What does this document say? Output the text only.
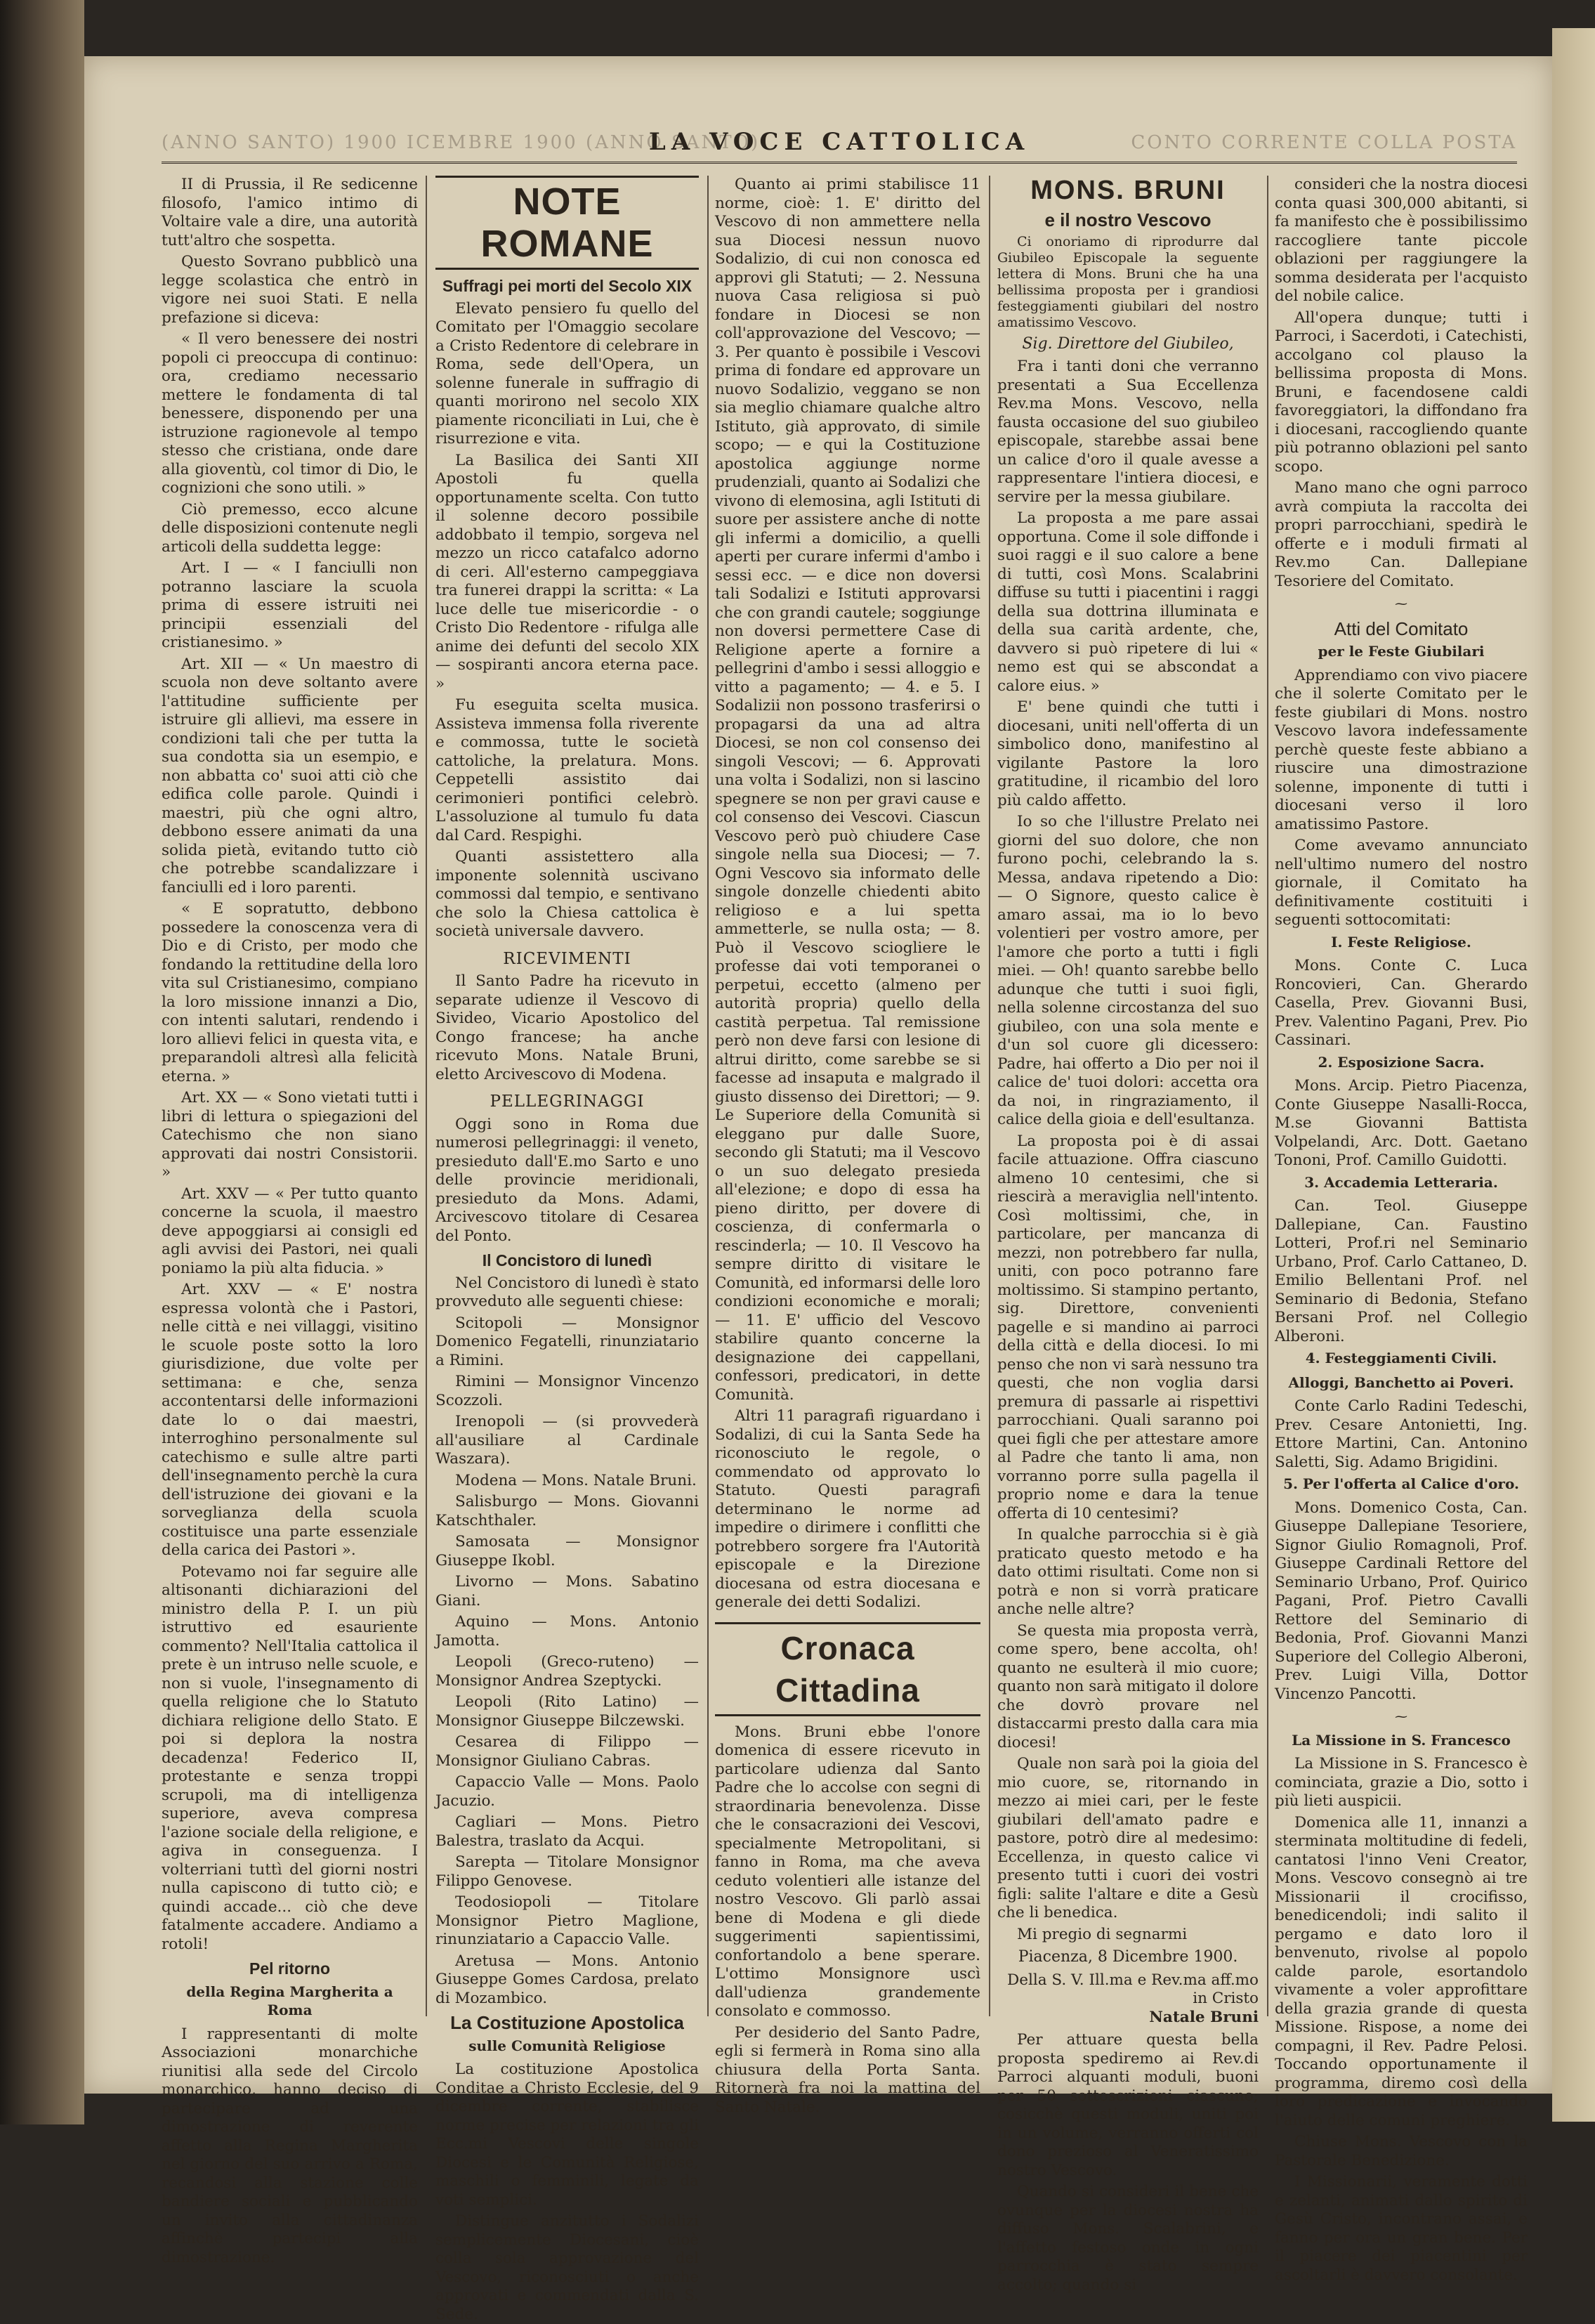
(ANNO SANTO) 1900 ICEMBRE 1900 (ANNO SANTO)
LA VOCE CATTOLICA	CONTO CORRENTE COLLA POSTA

II di Prussia, il Re sedicenne filosofo, l'amico intimo di Voltaire vale a dire, una autorità tutt'altro che sospetta.

Questo Sovrano pubblicò una legge scolastica che entrò in vigore nei suoi Stati. E nella prefazione si diceva:

« Il vero benessere dei nostri popoli ci preoccupa di continuo: ora, crediamo necessario mettere le fondamenta di tal benessere, disponendo per una istruzione ragionevole al tempo stesso che cristiana, onde dare alla gioventù, col timor di Dio, le cognizioni che sono utili. »

Ciò premesso, ecco alcune delle disposizioni contenute negli articoli della suddetta legge:

Art. I — « I fanciulli non potranno lasciare la scuola prima di essere istruiti nei principii essenziali del cristianesimo. »

Art. XII — « Un maestro di scuola non deve soltanto avere l'attitudine sufficiente per istruire gli allievi, ma essere in condizioni tali che per tutta la sua condotta sia un esempio, e non abbatta co' suoi atti ciò che edifica colle parole. Quindi i maestri, più che ogni altro, debbono essere animati da una solida pietà, evitando tutto ciò che potrebbe scandalizzare i fanciulli ed i loro parenti.

« E sopratutto, debbono possedere la conoscenza vera di Dio e di Cristo, per modo che fondando la rettitudine della loro vita sul Cristianesimo, compiano la loro missione innanzi a Dio, con intenti salutari, rendendo i loro allievi felici in questa vita, e preparandoli altresì alla felicità eterna. »

Art. XX — « Sono vietati tutti i libri di lettura o spiegazioni del Catechismo che non siano approvati dai nostri Consistorii. »

Art. XXV — « Per tutto quanto concerne la scuola, il maestro deve appoggiarsi ai consigli ed agli avvisi dei Pastori, nei quali poniamo la più alta fiducia. »

Art. XXV — « E' nostra espressa volontà che i Pastori, nelle città e nei villaggi, visitino le scuole poste sotto la loro giurisdizione, due volte per settimana: e che, senza accontentarsi delle informazioni date lo o dai maestri, interroghino personalmente sul catechismo e sulle altre parti dell'insegnamento perchè la cura dell'istruzione dei giovani e la sorveglianza della scuola costituisce una parte essenziale della carica dei Pastori ».

Potevamo noi far seguire alle altisonanti dichiarazioni del ministro della P. I. un più istruttivo ed esauriente commento? Nell'Italia cattolica il prete è un intruso nelle scuole, e non si vuole, l'insegnamento di quella religione che lo Statuto dichiara religione dello Stato. E poi si deplora la nostra decadenza! Federico II, protestante e senza troppi scrupoli, ma di intelligenza superiore, aveva compresa l'azione sociale della religione, e agiva in conseguenza. I volterriani tuttì del giorni nostri nulla capiscono di tutto ciò; e quindi accade... ciò che deve fatalmente accadere. Andiamo a rotoli!

Pel ritorno
della Regina Margherita a Roma

I rappresentanti di molte Associazioni monarchiche riunitisi alla sede del Circolo monarchico, hanno deciso di partecipare ad una dimostrazione di reverente affetto alla Regina Margherita nel giorno del suo arrivo a Roma, recandosi alla stazione colle bandiere sociali e pubblicando un invito alla cittadinanza affinchè partecipi alla dimostrazione.

NOTE ROMANE
Suffragi pei morti del Secolo XIX

Elevato pensiero fu quello del Comitato per l'Omaggio secolare a Cristo Redentore di celebrare in Roma, sede dell'Opera, un solenne funerale in suffragio di quanti morirono nel secolo XIX piamente riconciliati in Lui, che è risurrezione e vita.

La Basilica dei Santi XII Apostoli fu quella opportunamente scelta. Con tutto il solenne decoro possibile addobbato il tempio, sorgeva nel mezzo un ricco catafalco adorno di ceri. All'esterno campeggiava tra funerei drappi la scritta: « La luce delle tue misericordie - o Cristo Dio Redentore - rifulga alle anime dei defunti del secolo XIX — sospiranti ancora eterna pace. »

Fu eseguita scelta musica. Assisteva immensa folla riverente e commossa, tutte le società cattoliche, la prelatura. Mons. Ceppetelli assistito dai cerimonieri pontifici celebrò. L'assoluzione al tumulo fu data dal Card. Respighi.

Quanti assistettero alla imponente solennità uscivano commossi dal tempio, e sentivano che solo la Chiesa cattolica è società universale davvero.

RICEVIMENTI

Il Santo Padre ha ricevuto in separate udienze il Vescovo di Sivideo, Vicario Apostolico del Congo francese; ha anche ricevuto Mons. Natale Bruni, eletto Arcivescovo di Modena.

PELLEGRINAGGI

Oggi sono in Roma due numerosi pellegrinaggi: il veneto, presieduto dall'E.mo Sarto e uno delle provincie meridionali, presieduto da Mons. Adami, Arcivescovo titolare di Cesarea del Ponto.

Il Concistoro di lunedì

Nel Concistoro di lunedì è stato provveduto alle seguenti chiese:

Scitopoli — Monsignor Domenico Fegatelli, rinunziatario a Rimini.

Rimini — Monsignor Vincenzo Scozzoli.

Irenopoli — (si provvederà all'ausiliare al Cardinale Waszara).

Modena — Mons. Natale Bruni.

Salisburgo — Mons. Giovanni Katschthaler.

Samosata — Monsignor Giuseppe Ikobl.

Livorno — Mons. Sabatino Giani.

Aquino — Mons. Antonio Jamotta.

Leopoli (Greco-ruteno) — Monsignor Andrea Szeptycki.

Leopoli (Rito Latino) — Monsignor Giuseppe Bilczewski.

Cesarea di Filippo — Monsignor Giuliano Cabras.

Capaccio Valle — Mons. Paolo Jacuzio.

Cagliari — Mons. Pietro Balestra, traslato da Acqui.

Sarepta — Titolare Monsignor Filippo Genovese.

Teodosiopoli — Titolare Monsignor Pietro Maglione, rinunziatario a Capaccio Valle.

Aretusa — Mons. Antonio Giuseppe Gomes Cardosa, prelato di Mozambico.

La Costituzione Apostolica
sulle Comunità Religiose

La costituzione Apostolica Conditae a Christo Ecclesie, del 9 dicembre corrente, stabilisce norme precise per relazioni tra gli Ecc.mi Vescovi delle singole Diocesi e le Comunità Religiose, maschili o femminili, legate da voti semplici.

Distingue anzitutto i Sodalizi semplicemente Diocesani, cioè colla sola approvazione del Vescovo, riconosciuti o anche approvati e commendati dalla S. Sede.

Quanto ai primi stabilisce 11 norme, cioè: 1. E' diritto del Vescovo di non ammettere nella sua Diocesi nessun nuovo Sodalizio, di cui non conosca ed approvi gli Statuti; — 2. Nessuna nuova Casa religiosa si può fondare in Diocesi se non coll'approvazione del Vescovo; — 3. Per quanto è possibile i Vescovi prima di fondare ed approvare un nuovo Sodalizio, veggano se non sia meglio chiamare qualche altro Istituto, già approvato, di simile scopo; — e qui la Costituzione apostolica aggiunge norme prudenziali, quanto ai Sodalizi che vivono di elemosina, agli Istituti di suore per assistere anche di notte gli infermi a domicilio, a quelli aperti per curare infermi d'ambo i sessi ecc. — e dice non doversi tali Sodalizi e Istituti approvarsi che con grandi cautele; soggiunge non doversi permettere Case di Religione aperte a fornire a pellegrini d'ambo i sessi alloggio e vitto a pagamento; — 4. e 5. I Sodalizii non possono trasferirsi o propagarsi da una ad altra Diocesi, se non col consenso dei singoli Vescovi; — 6. Approvati una volta i Sodalizi, non si lascino spegnere se non per gravi cause e col consenso dei Vescovi. Ciascun Vescovo però può chiudere Case singole nella sua Diocesi; — 7. Ogni Vescovo sia informato delle singole donzelle chiedenti abito religioso e a lui spetta ammetterle, se nulla osta; — 8. Può il Vescovo sciogliere le professe dai voti temporanei o perpetui, eccetto (almeno per autorità propria) quello della castità perpetua. Tal remissione però non deve farsi con lesione di altrui diritto, come sarebbe se si facesse ad insaputa e malgrado il giusto dissenso dei Direttori; — 9. Le Superiore della Comunità si eleggano pur dalle Suore, secondo gli Statuti; ma il Vescovo o un suo delegato presieda all'elezione; e dopo di essa ha pieno diritto, per dovere di coscienza, di confermarla o rescinderla; — 10. Il Vescovo ha sempre diritto di visitare le Comunità, ed informarsi delle loro condizioni economiche e morali; — 11. E' ufficio del Vescovo stabilire quanto concerne la designazione dei cappellani, confessori, predicatori, in dette Comunità.

Altri 11 paragrafi riguardano i Sodalizi, di cui la Santa Sede ha riconosciuto le regole, o commendato od approvato lo Statuto. Questi paragrafi determinano le norme ad impedire o dirimere i conflitti che potrebbero sorgere fra l'Autorità episcopale e la Direzione diocesana od estra diocesana e generale dei detti Sodalizi.

Cronaca Cittadina

Mons. Bruni ebbe l'onore domenica di essere ricevuto in particolare udienza dal Santo Padre che lo accolse con segni di straordinaria benevolenza. Disse che le consacrazioni dei Vescovi, specialmente Metropolitani, si fanno in Roma, ma che aveva ceduto volentieri alle istanze del nostro Vescovo. Gli parlò assai bene di Modena e gli diede suggerimenti sapientissimi, confortandolo a bene sperare. L'ottimo Monsignore uscì dall'udienza grandemente consolato e commosso.

Per desiderio del Santo Padre, egli si fermerà in Roma sino alla chiusura della Porta Santa. Ritornerà fra noi la mattina del Santo Natale.

MONS. BRUNI
e il nostro Vescovo

Ci onoriamo di riprodurre dal Giubileo Episcopale la seguente lettera di Mons. Bruni che ha una bellissima proposta per i grandiosi festeggiamenti giubilari del nostro amatissimo Vescovo.

Sig. Direttore del Giubileo,

Fra i tanti doni che verranno presentati a Sua Eccellenza Rev.ma Mons. Vescovo, nella fausta occasione del suo giubileo episcopale, starebbe assai bene un calice d'oro il quale avesse a rappresentare l'intiera diocesi, e servire per la messa giubilare.

La proposta a me pare assai opportuna. Come il sole diffonde i suoi raggi e il suo calore a bene di tutti, così Mons. Scalabrini diffuse su tutti i piacentini i raggi della sua dottrina illuminata e della sua carità ardente, che, davvero si può ripetere di lui « nemo est qui se abscondat a calore eius. »

E' bene quindi che tutti i diocesani, uniti nell'offerta di un simbolico dono, manifestino al vigilante Pastore la loro gratitudine, il ricambio del loro più caldo affetto.

Io so che l'illustre Prelato nei giorni del suo dolore, che non furono pochi, celebrando la s. Messa, andava ripetendo a Dio: — O Signore, questo calice è amaro assai, ma io lo bevo volentieri per vostro amore, per l'amore che porto a tutti i figli miei. — Oh! quanto sarebbe bello adunque che tutti i suoi figli, nella solenne circostanza del suo giubileo, con una sola mente e d'un sol cuore gli dicessero: Padre, hai offerto a Dio per noi il calice de' tuoi dolori: accetta ora da noi, in ringraziamento, il calice della gioia e dell'esultanza.

La proposta poi è di assai facile attuazione. Offra ciascuno almeno 10 centesimi, che si riescirà a meraviglia nell'intento. Così moltissimi, che, in particolare, per mancanza di mezzi, non potrebbero far nulla, uniti, con poco potranno fare moltissimo. Si stampino pertanto, sig. Direttore, convenienti pagelle e si mandino ai parroci della città e della diocesi. Io mi penso che non vi sarà nessuno tra questi, che non voglia darsi premura di passarle ai rispettivi parrocchiani. Quali saranno poi quei figli che per attestare amore al Padre che tanto li ama, non vorranno porre sulla pagella il proprio nome e dara la tenue offerta di 10 centesimi?

In qualche parrocchia si è già praticato questo metodo e ha dato ottimi risultati. Come non si potrà e non si vorrà praticare anche nelle altre?

Se questa mia proposta verrà, come spero, bene accolta, oh! quanto ne esulterà il mio cuore; quanto non sarà mitigato il dolore che dovrò provare nel distaccarmi presto dalla cara mia diocesi!

Quale non sarà poi la gioia del mio cuore, se, ritornando in mezzo ai miei cari, per le feste giubilari dell'amato padre e pastore, potrò dire al medesimo: Eccellenza, in questo calice vi presento tutti i cuori dei vostri figli: salite l'altare e dite a Gesù che li benedica.

Mi pregio di segnarmi

Piacenza, 8 Dicembre 1900.
Della S. V. Ill.ma e Rev.ma aff.mo in Cristo
Natale Bruni

Per attuare questa bella proposta spediremo ai Rev.di Parroci alquanti moduli, buoni per 50 sottoscrizioni ciascuno; cosicchè questi moduli, uniti poi in un volume, verranno offerti col dono prezioso al Veneratissimo nostro Vescovo.

Quando si consideri il bene che ovunque per la diocesi nostra ha diffuso Mons. Scalabrini, e l'affetto festoso onde in ogni parrocchia è stato sempre accolto; quando si

consideri che la nostra diocesi conta quasi 300,000 abitanti, si fa manifesto che è possibilissimo raccogliere tante piccole oblazioni per raggiungere la somma desiderata per l'acquisto del nobile calice.

All'opera dunque; tutti i Parroci, i Sacerdoti, i Catechisti, accolgano col plauso la bellissima proposta di Mons. Bruni, e facendosene caldi favoreggiatori, la diffondano fra i diocesani, raccogliendo quante più potranno oblazioni pel santo scopo.

Mano mano che ogni parroco avrà compiuta la raccolta dei propri parrocchiani, spedirà le offerte e i moduli firmati al Rev.mo Can. Dallepiane Tesoriere del Comitato.

⁓
Atti del Comitato
per le Feste Giubilari

Apprendiamo con vivo piacere che il solerte Comitato per le feste giubilari di Mons. nostro Vescovo lavora indefessamente perchè queste feste abbiano a riuscire una dimostrazione solenne, imponente di tutti i diocesani verso il loro amatissimo Pastore.

Come avevamo annunciato nell'ultimo numero del nostro giornale, il Comitato ha definitivamente costituiti i seguenti sottocomitati:

I. Feste Religiose.

Mons. Conte C. Luca Roncovieri, Can. Gherardo Casella, Prev. Giovanni Busi, Prev. Valentino Pagani, Prev. Pio Cassinari.

2. Esposizione Sacra.

Mons. Arcip. Pietro Piacenza, Conte Giuseppe Nasalli-Rocca, M.se Giovanni Battista Volpelandi, Arc. Dott. Gaetano Tononi, Prof. Camillo Guidotti.

3. Accademia Letteraria.

Can. Teol. Giuseppe Dallepiane, Can. Faustino Lotteri, Prof.ri nel Seminario Urbano, Prof. Carlo Cattaneo, D. Emilio Bellentani Prof. nel Seminario di Bedonia, Stefano Bersani Prof. nel Collegio Alberoni.

4. Festeggiamenti Civili.
Alloggi, Banchetto ai Poveri.

Conte Carlo Radini Tedeschi, Prev. Cesare Antonietti, Ing. Ettore Martini, Can. Antonino Saletti, Sig. Adamo Brigidini.

5. Per l'offerta al Calice d'oro.

Mons. Domenico Costa, Can. Giuseppe Dallepiane Tesoriere, Signor Giulio Romagnoli, Prof. Giuseppe Cardinali Rettore del Seminario Urbano, Prof. Quirico Pagani, Prof. Pietro Cavalli Rettore del Seminario di Bedonia, Prof. Giovanni Manzi Superiore del Collegio Alberoni, Prev. Luigi Villa, Dottor Vincenzo Pancotti.

⁓
La Missione in S. Francesco

La Missione in S. Francesco è cominciata, grazie a Dio, sotto i più lieti auspicii.

Domenica alle 11, innanzi a sterminata moltitudine di fedeli, cantatosi l'inno Veni Creator, Mons. Vescovo consegnò ai tre Missionarii il crocifisso, benedicendoli; indi salito il pergamo e dato loro il benvenuto, rivolse al popolo calde parole, esortandolo vivamente a voler approfittare della grazia grande di questa Missione. Rispose, a nome dei compagni, il Rev. Padre Pelosi. Toccando opportunamente il programma, diremo così della loro predicazione e invocando l'aiuto delle comuni preghiere.

Chiuse Mons. Vescovo con la Pastorale Benedizione.

I Missionarii, veramente dotti e zelanti, animati dallo spirito di Gesù Cristo, incontrano assai, e fanno per ora un gran bene. Per il piacere dei piacentini per ascoltarli è davvero consolante.
